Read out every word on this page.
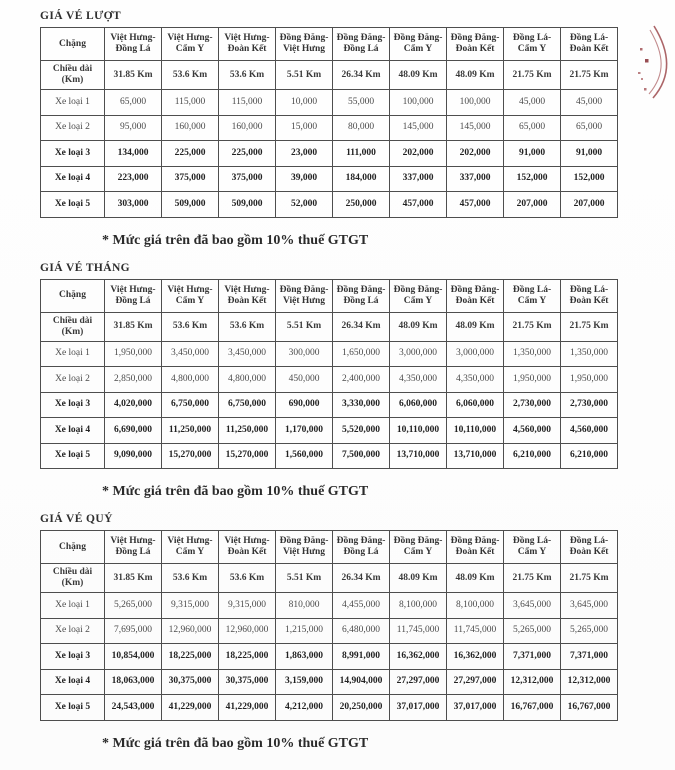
GIÁ VÉ LƯỢT
Chặng	Việt Hưng-Đồng Lá	Việt Hưng-Cẩm Y	Việt Hưng-Đoàn Kết	Đồng Đăng-Việt Hưng	Đồng Đăng-Đồng Lá	Đồng Đăng-Cẩm Y	Đồng Đăng-Đoàn Kết	Đồng Lá-Cẩm Y	Đồng Lá-Đoàn Kết
Chiều dài (Km)	31.85 Km	53.6 Km	53.6 Km	5.51 Km	26.34 Km	48.09 Km	48.09 Km	21.75 Km	21.75 Km
Xe loại 1	65,000	115,000	115,000	10,000	55,000	100,000	100,000	45,000	45,000
Xe loại 2	95,000	160,000	160,000	15,000	80,000	145,000	145,000	65,000	65,000
Xe loại 3	134,000	225,000	225,000	23,000	111,000	202,000	202,000	91,000	91,000
Xe loại 4	223,000	375,000	375,000	39,000	184,000	337,000	337,000	152,000	152,000
Xe loại 5	303,000	509,000	509,000	52,000	250,000	457,000	457,000	207,000	207,000

* Mức giá trên đã bao gồm 10% thuế GTGT

GIÁ VÉ THÁNG
Chặng	Việt Hưng-Đồng Lá	Việt Hưng-Cẩm Y	Việt Hưng-Đoàn Kết	Đồng Đăng-Việt Hưng	Đồng Đăng-Đồng Lá	Đồng Đăng-Cẩm Y	Đồng Đăng-Đoàn Kết	Đồng Lá-Cẩm Y	Đồng Lá-Đoàn Kết
Chiều dài (Km)	31.85 Km	53.6 Km	53.6 Km	5.51 Km	26.34 Km	48.09 Km	48.09 Km	21.75 Km	21.75 Km
Xe loại 1	1,950,000	3,450,000	3,450,000	300,000	1,650,000	3,000,000	3,000,000	1,350,000	1,350,000
Xe loại 2	2,850,000	4,800,000	4,800,000	450,000	2,400,000	4,350,000	4,350,000	1,950,000	1,950,000
Xe loại 3	4,020,000	6,750,000	6,750,000	690,000	3,330,000	6,060,000	6,060,000	2,730,000	2,730,000
Xe loại 4	6,690,000	11,250,000	11,250,000	1,170,000	5,520,000	10,110,000	10,110,000	4,560,000	4,560,000
Xe loại 5	9,090,000	15,270,000	15,270,000	1,560,000	7,500,000	13,710,000	13,710,000	6,210,000	6,210,000

* Mức giá trên đã bao gồm 10% thuế GTGT

GIÁ VÉ QUÝ
Chặng	Việt Hưng-Đồng Lá	Việt Hưng-Cẩm Y	Việt Hưng-Đoàn Kết	Đồng Đăng-Việt Hưng	Đồng Đăng-Đồng Lá	Đồng Đăng-Cẩm Y	Đồng Đăng-Đoàn Kết	Đồng Lá-Cẩm Y	Đồng Lá-Đoàn Kết
Chiều dài (Km)	31.85 Km	53.6 Km	53.6 Km	5.51 Km	26.34 Km	48.09 Km	48.09 Km	21.75 Km	21.75 Km
Xe loại 1	5,265,000	9,315,000	9,315,000	810,000	4,455,000	8,100,000	8,100,000	3,645,000	3,645,000
Xe loại 2	7,695,000	12,960,000	12,960,000	1,215,000	6,480,000	11,745,000	11,745,000	5,265,000	5,265,000
Xe loại 3	10,854,000	18,225,000	18,225,000	1,863,000	8,991,000	16,362,000	16,362,000	7,371,000	7,371,000
Xe loại 4	18,063,000	30,375,000	30,375,000	3,159,000	14,904,000	27,297,000	27,297,000	12,312,000	12,312,000
Xe loại 5	24,543,000	41,229,000	41,229,000	4,212,000	20,250,000	37,017,000	37,017,000	16,767,000	16,767,000

* Mức giá trên đã bao gồm 10% thuế GTGT
